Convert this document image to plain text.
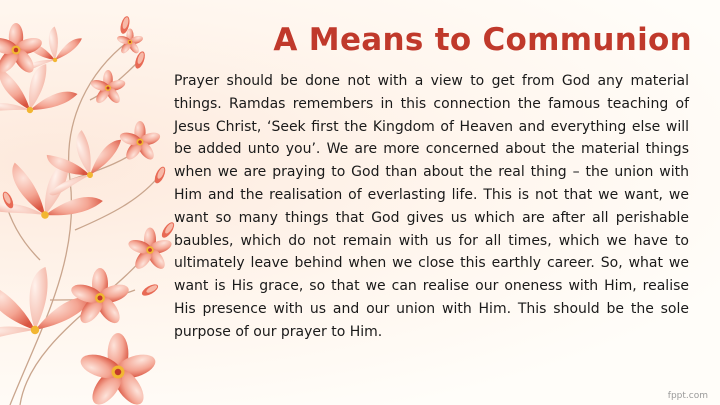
A Means to Communion

Prayer should be done not with a view to get from God any material things. Ramdas remembers in this connection the famous teaching of Jesus Christ, ‘Seek first the Kingdom of Heaven and everything else will be added unto you’. We are more concerned about the material things when we are praying to God than about the real thing – the union with Him and the realisation of everlasting life. This is not that we want, we want so many things that God gives us which are after all perishable baubles, which do not remain with us for all times, which we have to ultimately leave behind when we close this earthly career. So, what we want is His grace, so that we can realise our oneness with Him, realise His presence with us and our union with Him. This should be the sole purpose of our prayer to Him.

fppt.com
